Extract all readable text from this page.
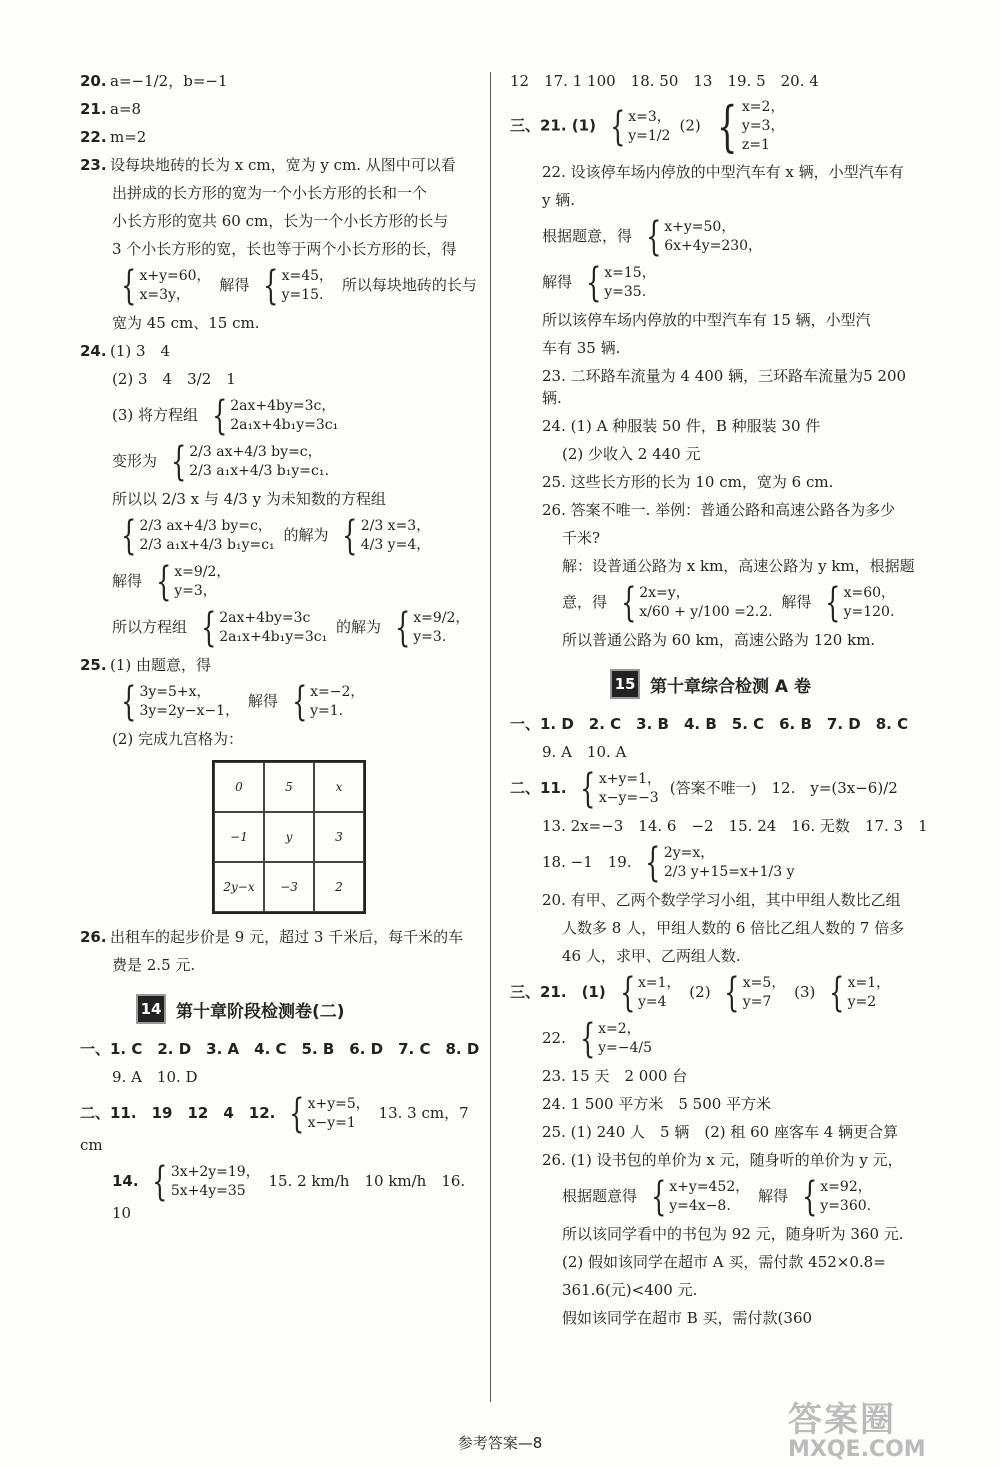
20. a=−1/2，b=−1
21. a=8
22. m=2
23. 设每块地砖的长为 x cm，宽为 y cm. 从图中可以看
出拼成的长方形的宽为一个小长方形的长和一个
小长方形的宽共 60 cm，长为一个小长方形的长与
3 个小长方形的宽，长也等于两个小长方形的长，得
{ x+y=60，
x=3y，
解得 { x=45，
y=15.
所以每块地砖的长与
宽为 45 cm、15 cm.
24. (1) 3　4
(2) 3　4　3/2　1
(3) 将方程组 { 2ax+4by=3c，
2a₁x+4b₁y=3c₁
变形为 { 2/3 ax+4/3 by=c，
2/3 a₁x+4/3 b₁y=c₁.
所以以 2/3 x 与 4/3 y 为未知数的方程组
{ 2/3 ax+4/3 by=c，
2/3 a₁x+4/3 b₁y=c₁
的解为 { 2/3 x=3，
4/3 y=4，
解得 { x=9/2，
y=3，
所以方程组 { 2ax+4by=3c
2a₁x+4b₁y=3c₁
的解为 { x=9/2，
y=3.
25. (1) 由题意，得
{ 3y=5+x，
3y=2y−x−1，
解得 { x=−2，
y=1.
(2) 完成九宫格为：
0	5	x
−1	y	3
2y−x	−3	2
26. 出租车的起步价是 9 元，超过 3 千米后，每千米的车
费是 2.5 元.
14 第十章阶段检测卷(二)
一、1. C　2. D　3. A　4. C　5. B　6. D　7. C　8. D
9. A　10. D
二、11.　19　12　4　12. { x+y=5，
x−y=1
13. 3 cm，7 cm
14. { 3x+2y=19，
5x+4y=35
15. 2 km/h　10 km/h　16. 10
12　17. 1 100　18. 50　13　19. 5　20. 4
三、21. (1) { x=3，
y=1/2
(2) { x=2，
y=3，
z=1
22. 设该停车场内停放的中型汽车有 x 辆，小型汽车有
y 辆.
根据题意，得 { x+y=50，
6x+4y=230，
解得 { x=15，
y=35.
所以该停车场内停放的中型汽车有 15 辆，小型汽
车有 35 辆.
23. 二环路车流量为 4 400 辆，三环路车流量为5 200 辆.
24. (1) A 种服装 50 件，B 种服装 30 件
(2) 少收入 2 440 元
25. 这些长方形的长为 10 cm，宽为 6 cm.
26. 答案不唯一. 举例：普通公路和高速公路各为多少
千米?
解：设普通公路为 x km，高速公路为 y km，根据题
意，得 { 2x=y，
x/60 + y/100 =2.2.
解得 { x=60，
y=120.
所以普通公路为 60 km，高速公路为 120 km.
15 第十章综合检测 A 卷
一、1. D　2. C　3. B　4. B　5. C　6. B　7. D　8. C
9. A　10. A
二、11. { x+y=1，
x−y=−3
(答案不唯一)　12.　y=(3x−6)/2
13. 2x=−3　14. 6　−2　15. 24　16. 无数　17. 3　1
18. −1　19. { 2y=x，
2/3 y+15=x+1/3 y
20. 有甲、乙两个数学学习小组，其中甲组人数比乙组
人数多 8 人，甲组人数的 6 倍比乙组人数的 7 倍多
46 人，求甲、乙两组人数.
三、21.　(1) { x=1，
y=4
(2) { x=5，
y=7
(3) { x=1，
y=2
22. { x=2，
y=−4/5
23. 15 天　2 000 台
24. 1 500 平方米　5 500 平方米
25. (1) 240 人　5 辆　(2) 租 60 座客车 4 辆更合算
26. (1) 设书包的单价为 x 元，随身听的单价为 y 元，
根据题意得 { x+y=452，
y=4x−8.
解得 { x=92，
y=360.
所以该同学看中的书包为 92 元，随身听为 360 元.
(2) 假如该同学在超市 A 买，需付款 452×0.8=
361.6(元)<400 元.
假如该同学在超市 B 买，需付款(360
参考答案—8
答案圈
MXQE.COM
